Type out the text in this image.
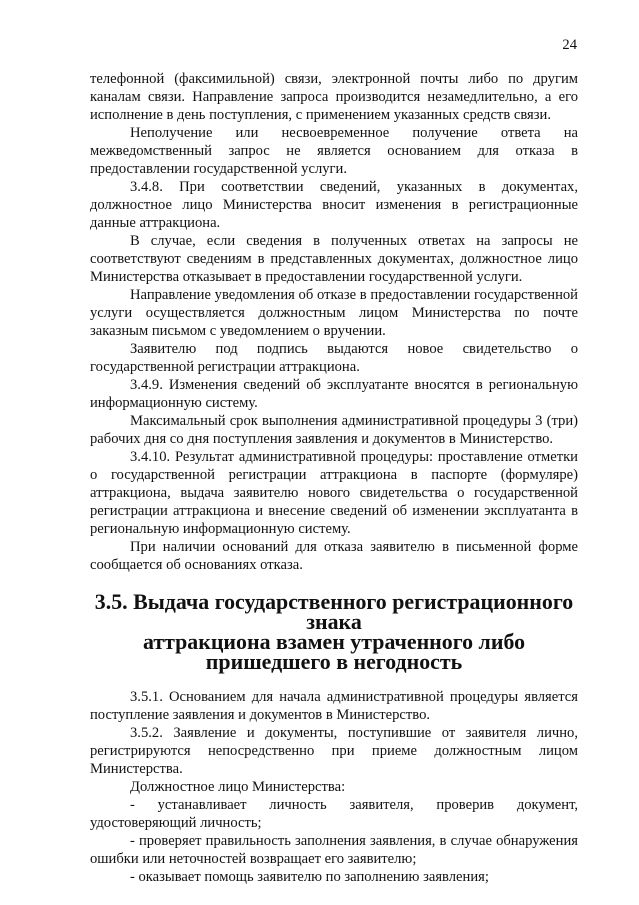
24

телефонной (факсимильной) связи, электронной почты либо по другим каналам связи. Направление запроса производится незамедлительно, а его исполнение в день поступления, с применением указанных средств связи.

Неполучение или несвоевременное получение ответа на межведомственный запрос не является основанием для отказа в предоставлении государственной услуги.

3.4.8. При соответствии сведений, указанных в документах, должностное лицо Министерства вносит изменения в регистрационные данные аттракциона.

В случае, если сведения в полученных ответах на запросы не соответствуют сведениям в представленных документах, должностное лицо Министерства отказывает в предоставлении государственной услуги.

Направление уведомления об отказе в предоставлении государственной услуги осуществляется должностным лицом Министерства по почте заказным письмом с уведомлением о вручении.

Заявителю под подпись выдаются новое свидетельство о государственной регистрации аттракциона.

3.4.9. Изменения сведений об эксплуатанте вносятся в региональную информационную систему.

Максимальный срок выполнения административной процедуры 3 (три) рабочих дня со дня поступления заявления и документов в Министерство.

3.4.10. Результат административной процедуры: проставление отметки о государственной регистрации аттракциона в паспорте (формуляре) аттракциона, выдача заявителю нового свидетельства о государственной регистрации аттракциона и внесение сведений об изменении эксплуатанта в региональную информационную систему.

При наличии оснований для отказа заявителю в письменной форме сообщается об основаниях отказа.

3.5. Выдача государственного регистрационного знака
аттракциона взамен утраченного либо пришедшего в негодность

3.5.1. Основанием для начала административной процедуры является поступление заявления и документов в Министерство.

3.5.2. Заявление и документы, поступившие от заявителя лично, регистрируются непосредственно при приеме должностным лицом Министерства.

Должностное лицо Министерства:

- устанавливает личность заявителя, проверив документ, удостоверяющий личность;

- проверяет правильность заполнения заявления, в случае обнаружения ошибки или неточностей возвращает его заявителю;

- оказывает помощь заявителю по заполнению заявления;
